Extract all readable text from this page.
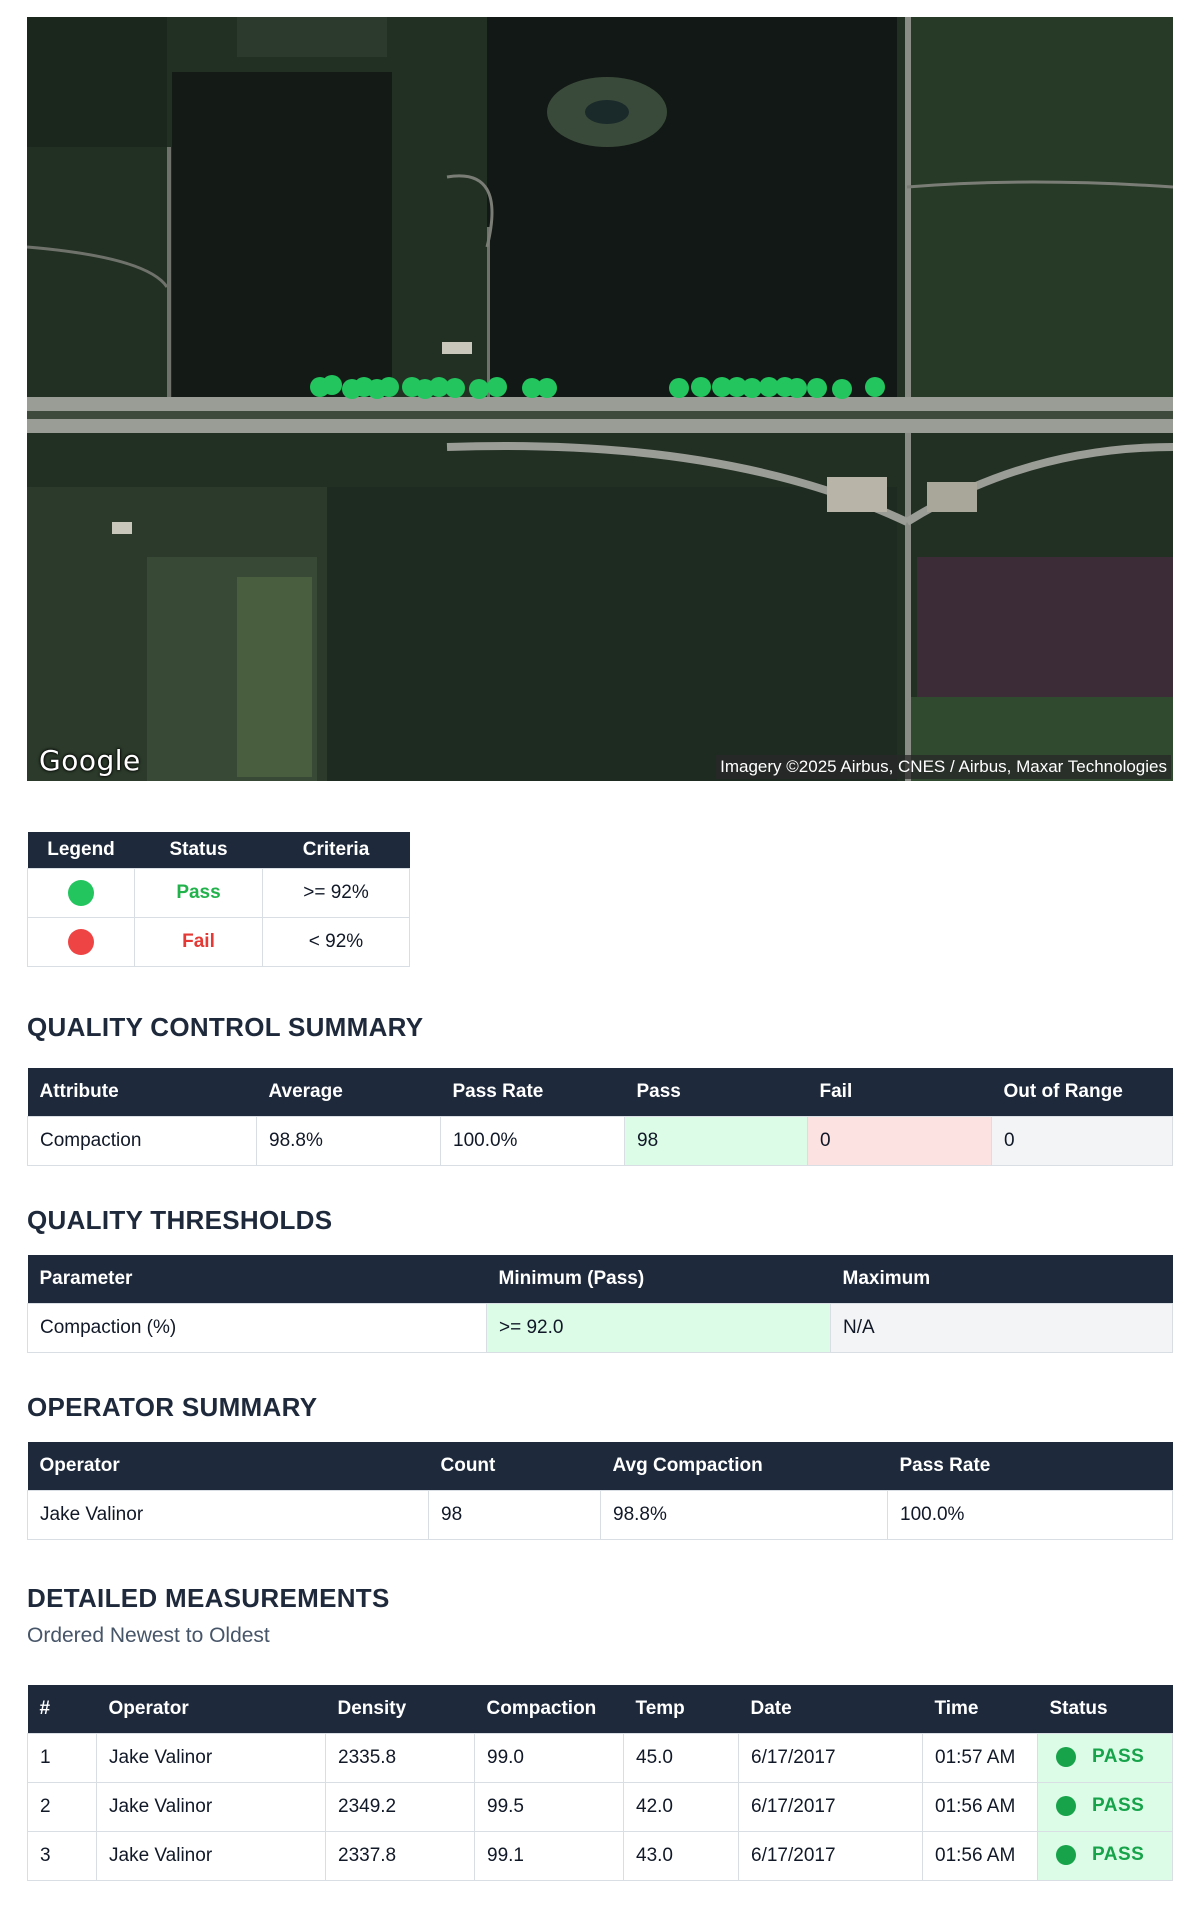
Google	Imagery ©2025 Airbus, CNES / Airbus, Maxar Technologies
Legend	Status	Criteria
	Pass	>= 92%
	Fail	< 92%
QUALITY CONTROL SUMMARY
Attribute	Average	Pass Rate	Pass	Fail	Out of Range
Compaction	98.8%	100.0%	98	0	0
QUALITY THRESHOLDS
Parameter	Minimum (Pass)	Maximum
Compaction (%)	>= 92.0	N/A
OPERATOR SUMMARY
Operator	Count	Avg Compaction	Pass Rate
Jake Valinor	98	98.8%	100.0%
DETAILED MEASUREMENTS
Ordered Newest to Oldest
#	Operator	Density	Compaction	Temp	Date	Time	Status
1	Jake Valinor	2335.8	99.0	45.0	6/17/2017	01:57 AM	PASS
2	Jake Valinor	2349.2	99.5	42.0	6/17/2017	01:56 AM	PASS
3	Jake Valinor	2337.8	99.1	43.0	6/17/2017	01:56 AM	PASS
